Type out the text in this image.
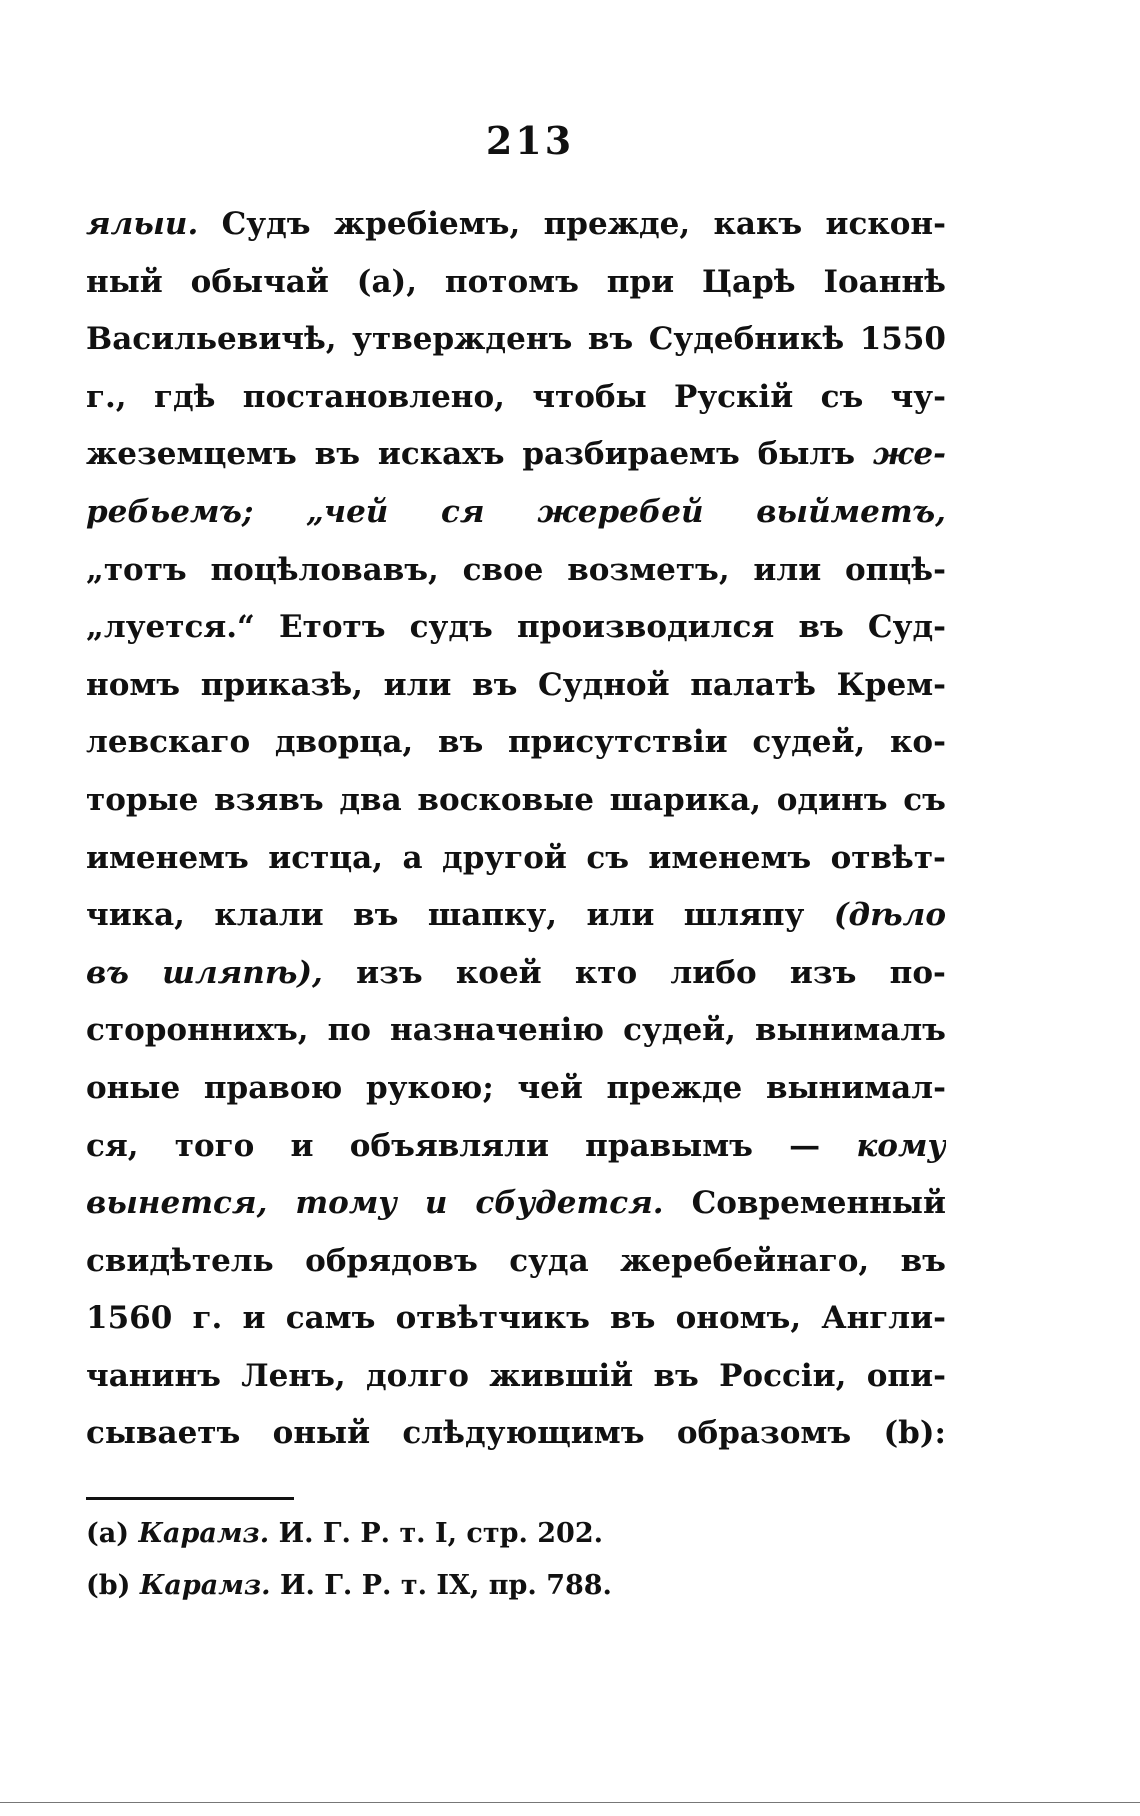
213
ялыи. Судъ жребіемъ, прежде, какъ искон-
ный обычай (a), потомъ при Царѣ Іоаннѣ
Васильевичѣ, утвержденъ въ Судебникѣ 1550
г., гдѣ постановлено, чтобы Рускій съ чу-
жеземцемъ въ искахъ разбираемъ былъ же-
ребьемъ; „чей ся жеребей выйметъ,
„тотъ поцѣловавъ, свое возметъ, или опцѣ-
„луется.“ Етотъ судъ производился въ Суд-
номъ приказѣ, или въ Судной палатѣ Крем-
левскаго дворца, въ присутствіи судей, ко-
торые взявъ два восковые шарика, одинъ съ
именемъ истца, а другой съ именемъ отвѣт-
чика, клали въ шапку, или шляпу (дѣло
въ шляпѣ), изъ коей кто либо изъ по-
стороннихъ, по назначенію судей, вынималъ
оные правою рукою; чей прежде вынимал-
ся, того и объявляли правымъ — кому
вынется, тому и сбудется. Современный
свидѣтель обрядовъ суда жеребейнаго, въ
1560 г. и самъ отвѣтчикъ въ ономъ, Англи-
чанинъ Ленъ, долго жившій въ Россіи, опи-
сываетъ оный слѣдующимъ образомъ (b):
(a) Карамз. И. Г. Р. т. I, стр. 202.
(b) Карамз. И. Г. Р. т. IX, пр. 788.
